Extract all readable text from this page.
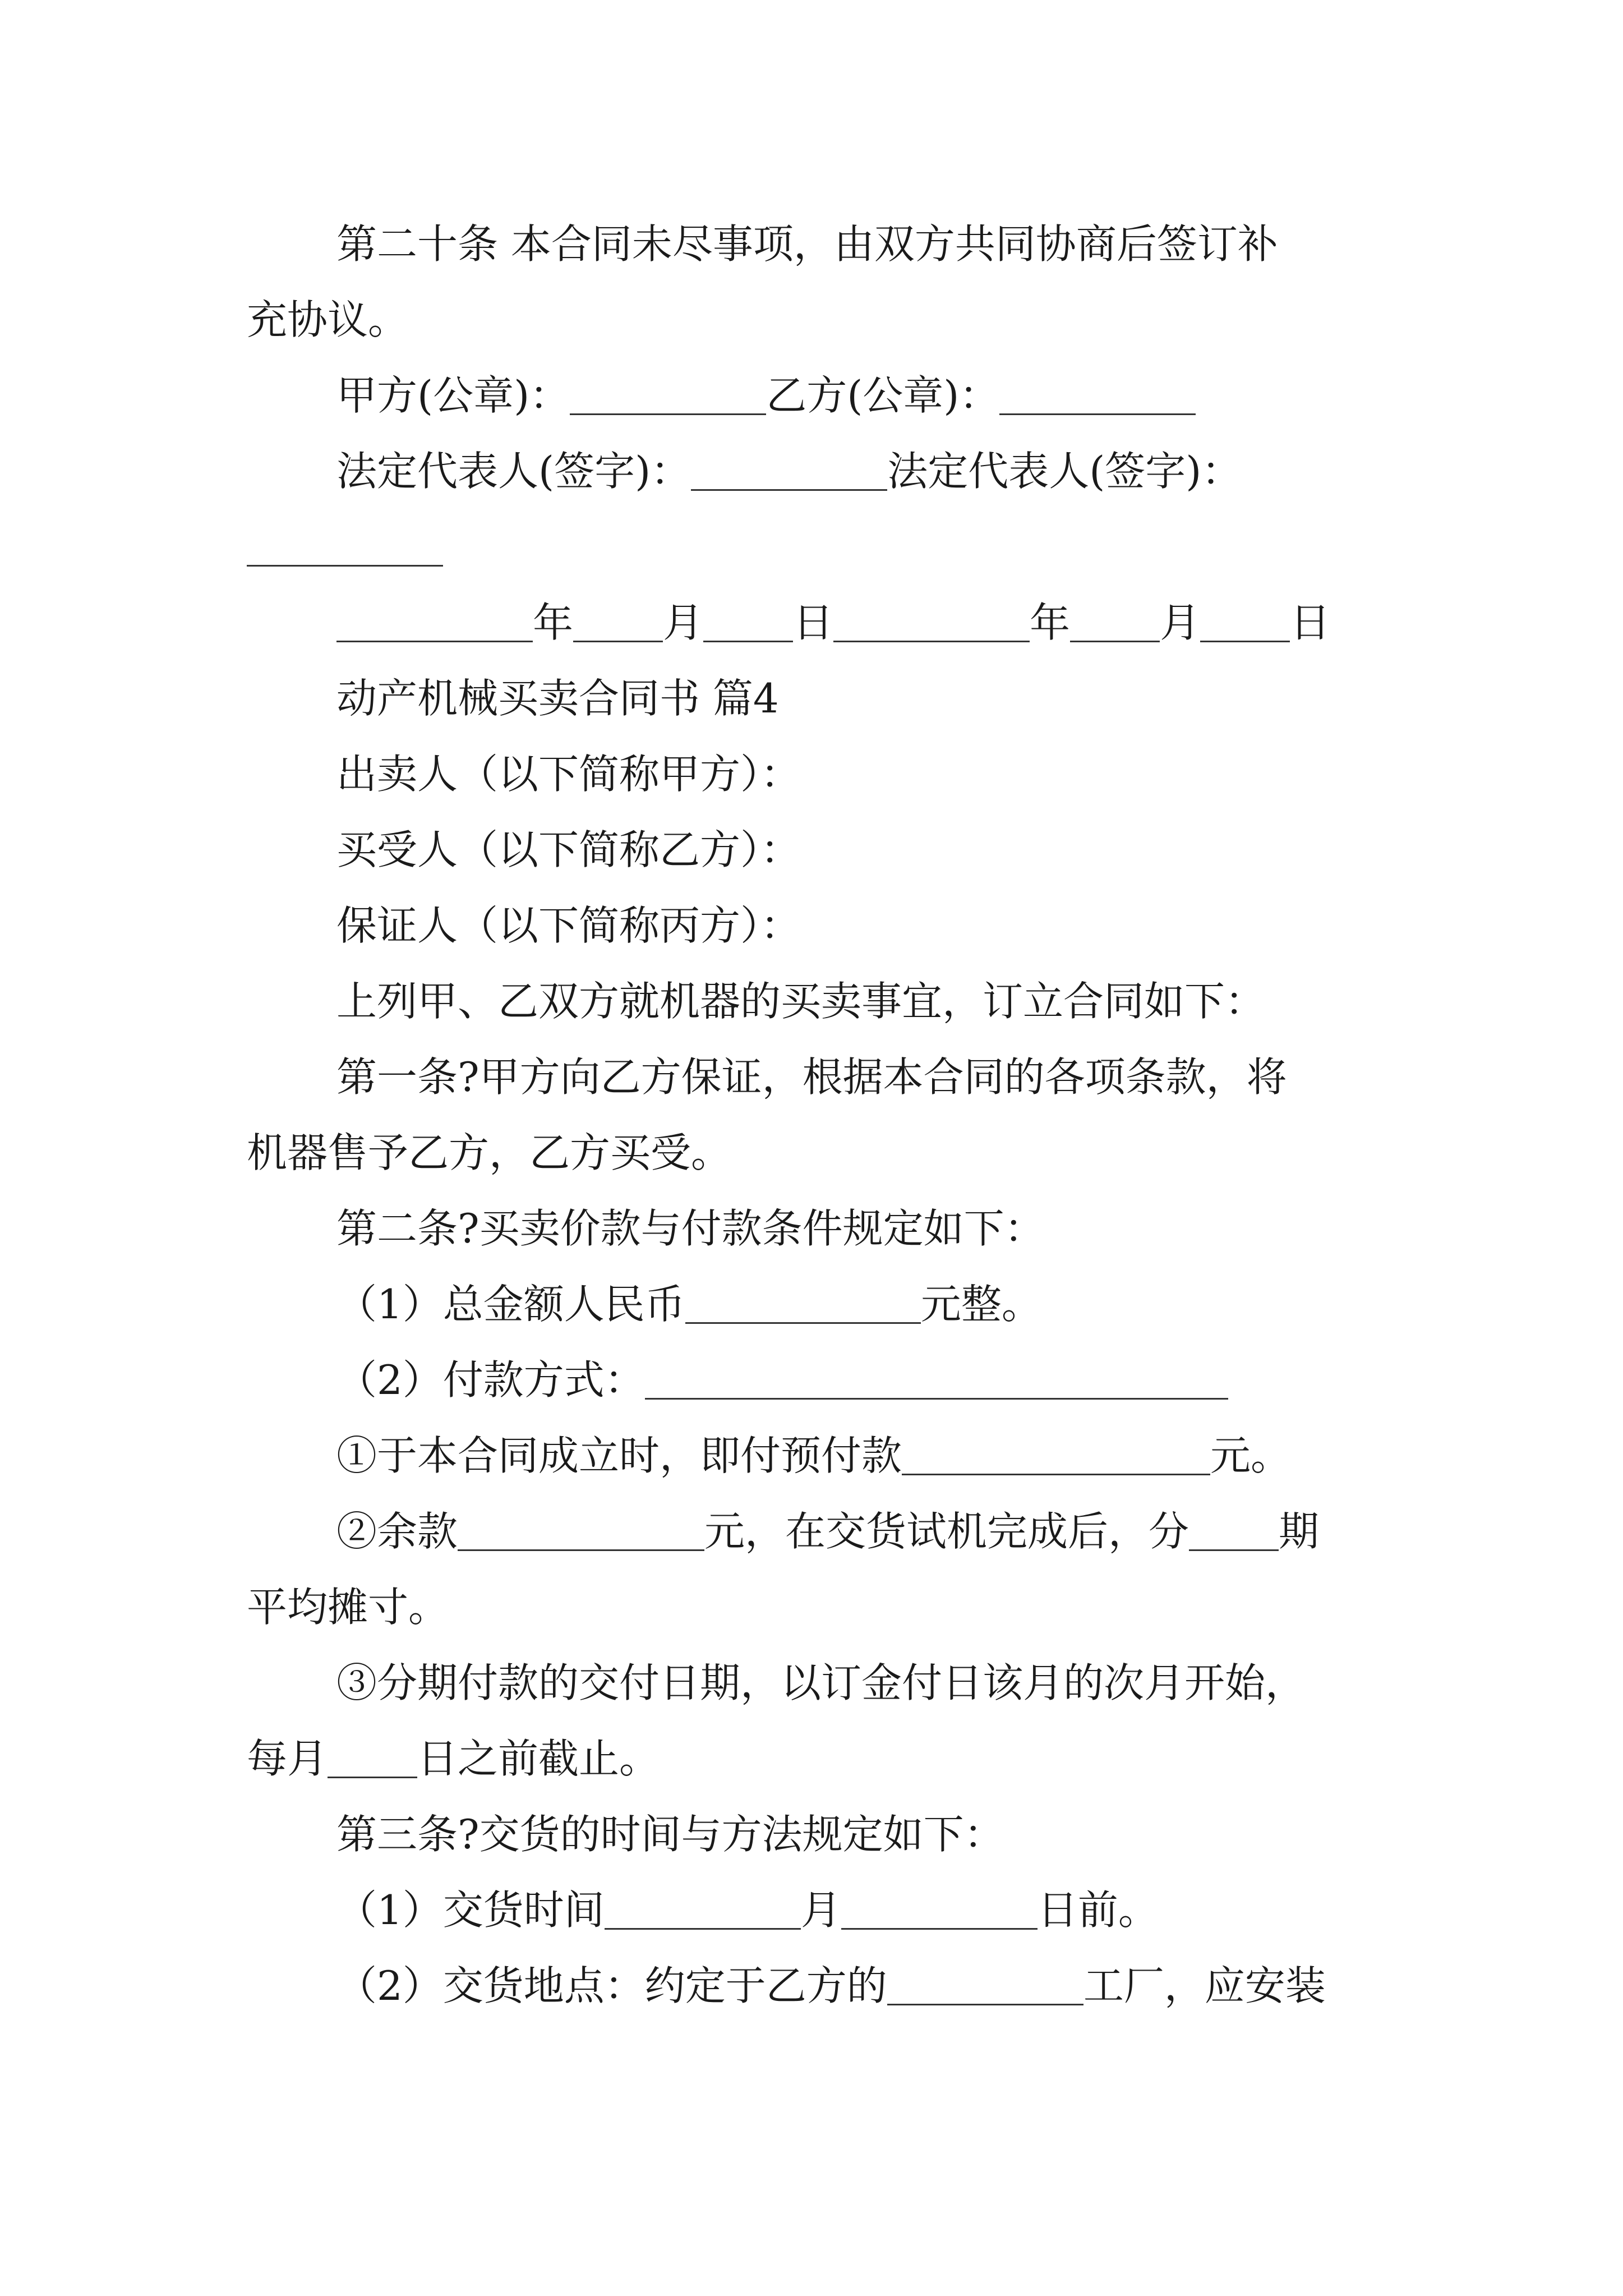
第二十条 本合同未尽事项，由双方共同协商后签订补
充协议。
甲方(公章)：	乙方(公章)：
法定代表人(签字)：	法定代表人(签字)：
年 月 日	年 月 日
动产机械买卖合同书 篇4
出卖人（以下简称甲方）：
买受人（以下简称乙方）：
保证人（以下简称丙方）：
上列甲、乙双方就机器的买卖事宜，订立合同如下：
第一条?甲方向乙方保证，根据本合同的各项条款，将
机器售予乙方，乙方买受。
第二条?买卖价款与付款条件规定如下：
（1）总金额人民币	元整。
（2）付款方式：
①于本合同成立时，即付预付款	元。
②余款	元，在交货试机完成后，分 期
平均摊寸。
③分期付款的交付日期，以订金付日该月的次月开始，
每月 日之前截止。
第三条?交货的时间与方法规定如下：
（1）交货时间	月	日前。
（2）交货地点：约定于乙方的	工厂，应安装
